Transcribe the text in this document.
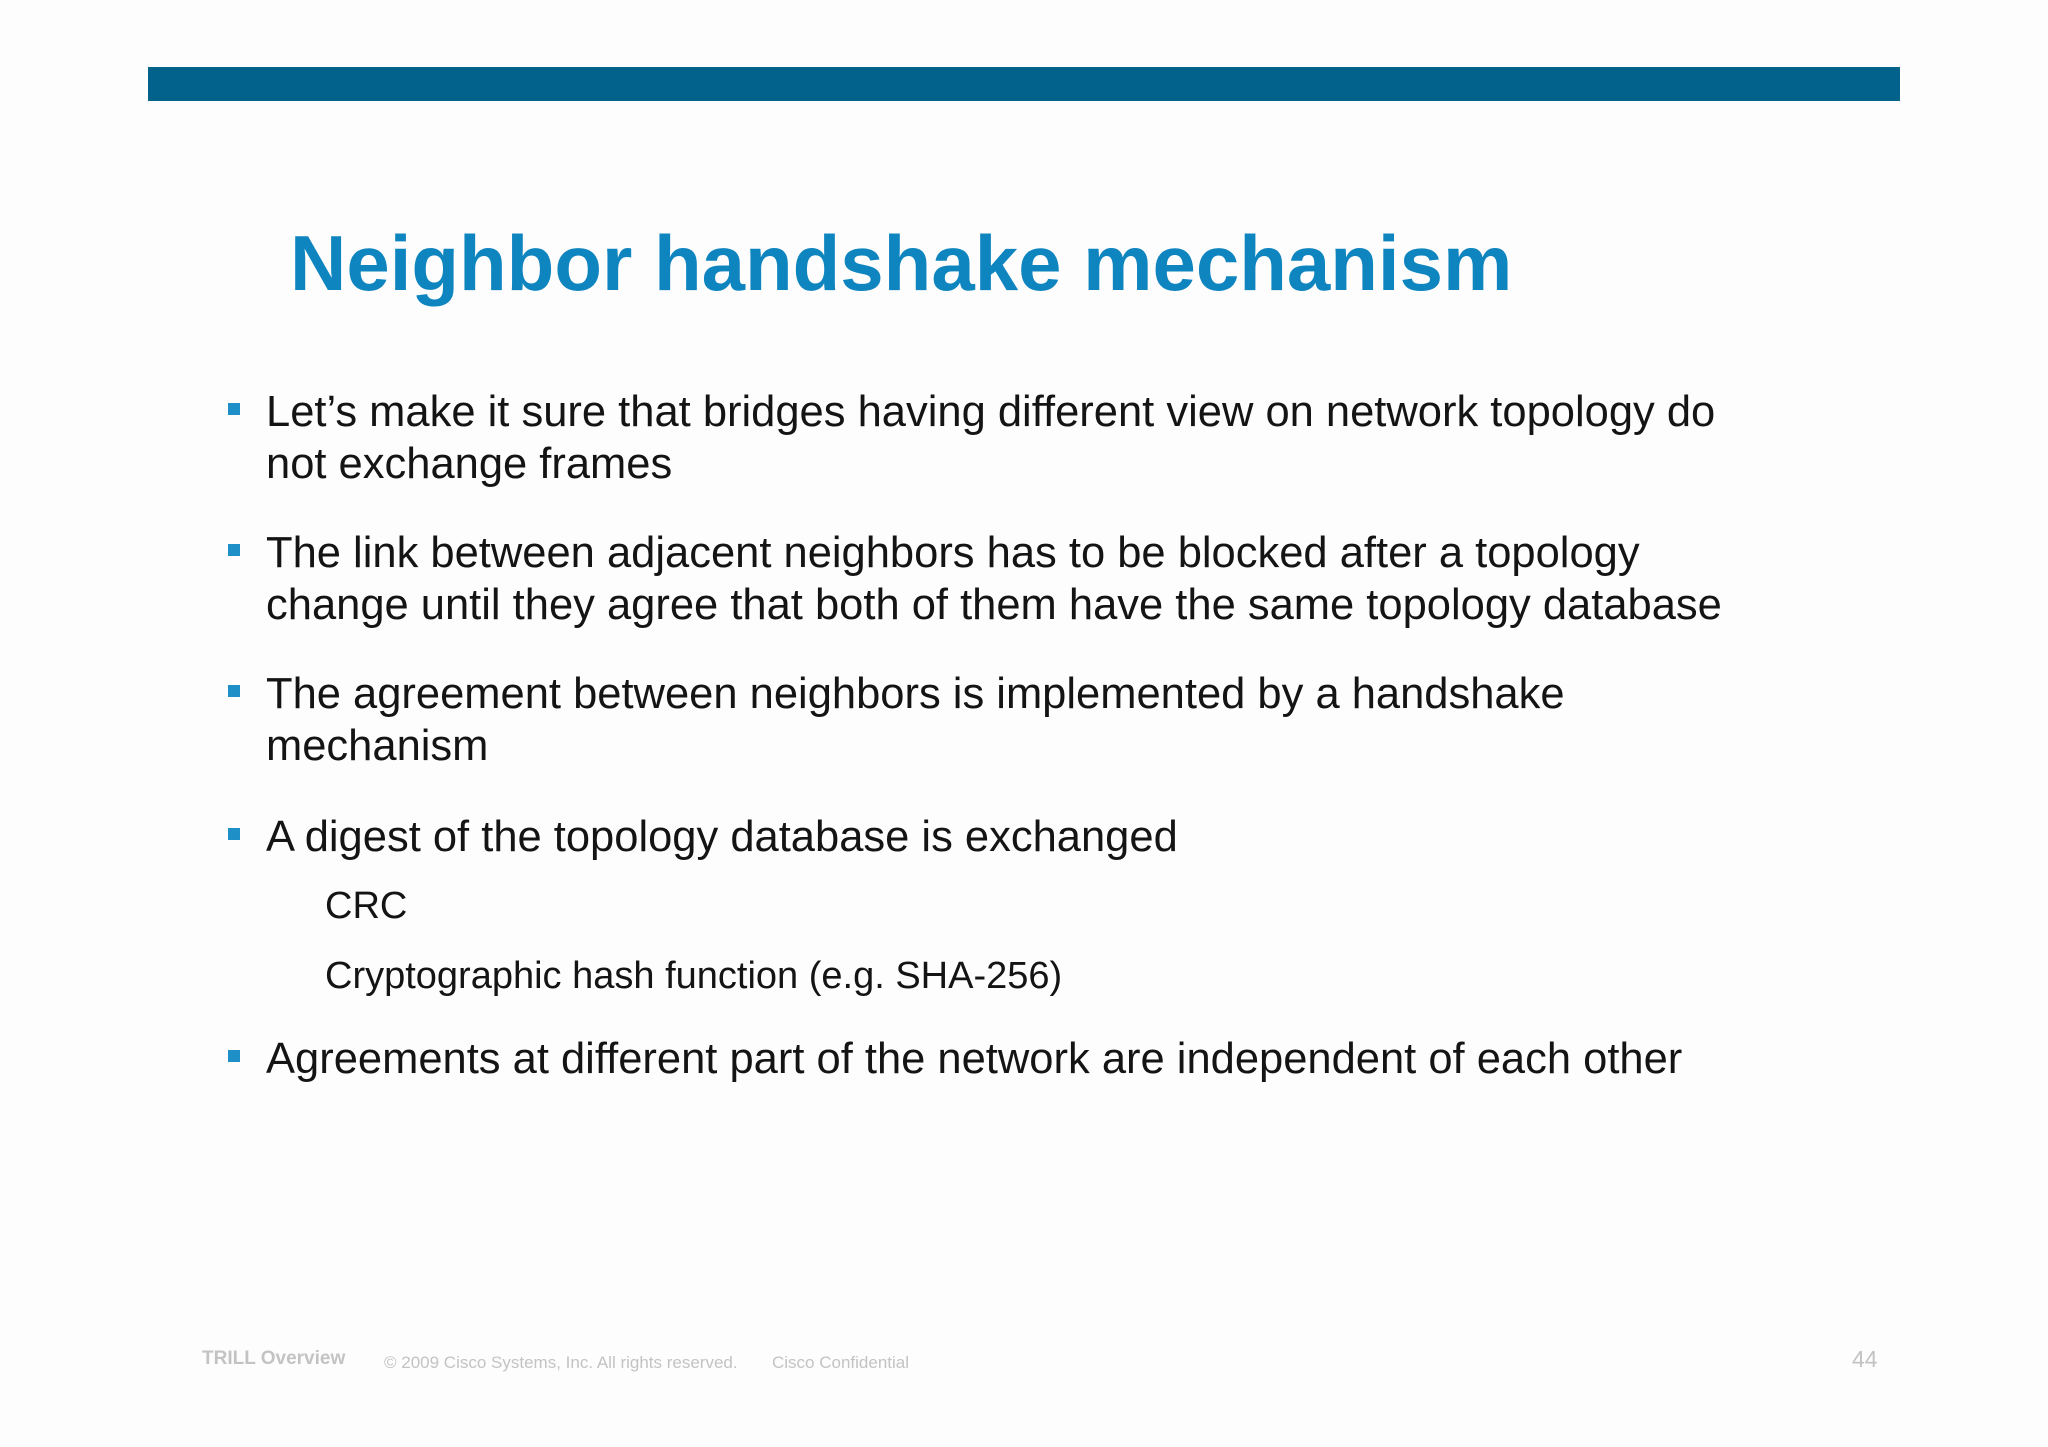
Neighbor handshake mechanism
Let’s make it sure that bridges having different view on network topology do not exchange frames
The link between adjacent neighbors has to be blocked after a topology change until they agree that both of them have the same topology database
The agreement between neighbors is implemented by a handshake mechanism
A digest of the topology database is exchanged
CRC
Cryptographic hash function (e.g. SHA-256)
Agreements at different part of the network are independent of each other
TRILL Overview © 2009 Cisco Systems, Inc. All rights reserved. Cisco Confidential	44
